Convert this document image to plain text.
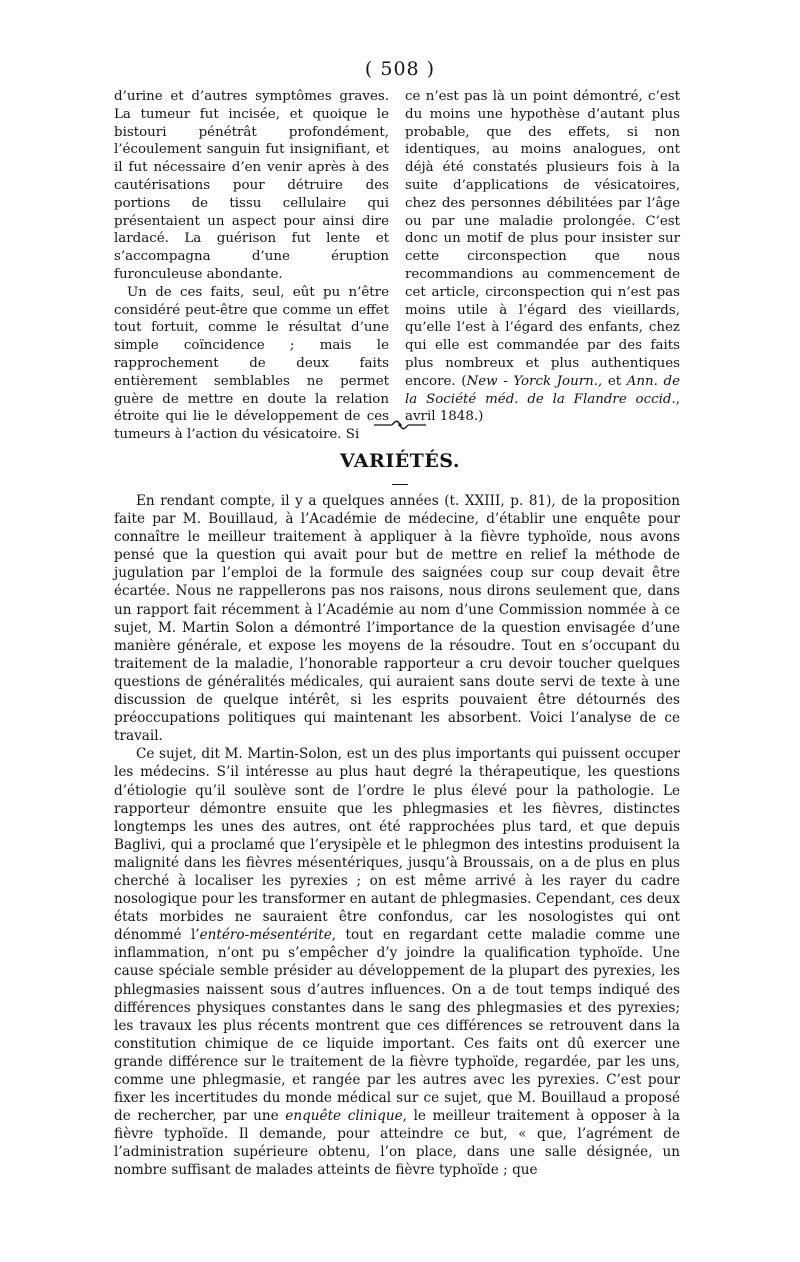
( 508 )

d’urine et d’autres symptômes graves. La tumeur fut incisée, et quoique le bistouri pénétrât profondément, l’écoulement sanguin fut insignifiant, et il fut nécessaire d’en venir après à des cautérisations pour détruire des portions de tissu cellulaire qui présentaient un aspect pour ainsi dire lardacé. La guérison fut lente et s’accompagna d’une éruption furonculeuse abondante.

Un de ces faits, seul, eût pu n’être considéré peut-être que comme un effet tout fortuit, comme le résultat d’une simple coïncidence ; mais le rapprochement de deux faits entièrement semblables ne permet guère de mettre en doute la relation étroite qui lie le développement de ces tumeurs à l’action du vésicatoire. Si

ce n’est pas là un point démontré, c’est du moins une hypothèse d’autant plus probable, que des effets, si non identiques, au moins analogues, ont déjà été constatés plusieurs fois à la suite d’applications de vésicatoires, chez des personnes débilitées par l’âge ou par une maladie prolongée. C’est donc un motif de plus pour insister sur cette circonspection que nous recommandions au commencement de cet article, circonspection qui n’est pas moins utile à l’égard des vieillards, qu’elle l’est à l’égard des enfants, chez qui elle est commandée par des faits plus nombreux et plus authentiques encore. (New - Yorck Journ., et Ann. de la Société méd. de la Flandre occid., avril 1848.)

VARIÉTÉS.

En rendant compte, il y a quelques années (t. XXIII, p. 81), de la proposition faite par M. Bouillaud, à l’Académie de médecine, d’établir une enquête pour connaître le meilleur traitement à appliquer à la fièvre typhoïde, nous avons pensé que la question qui avait pour but de mettre en relief la méthode de jugulation par l’emploi de la formule des saignées coup sur coup devait être écartée. Nous ne rappellerons pas nos raisons, nous dirons seulement que, dans un rapport fait récemment à l’Académie au nom d’une Commission nommée à ce sujet, M. Martin Solon a démontré l’importance de la question envisagée d’une manière générale, et expose les moyens de la résoudre. Tout en s’occupant du traitement de la maladie, l’honorable rapporteur a cru devoir toucher quelques questions de généralités médicales, qui auraient sans doute servi de texte à une discussion de quelque intérêt, si les esprits pouvaient être détournés des préoccupations politiques qui maintenant les absorbent. Voici l’analyse de ce travail.

Ce sujet, dit M. Martin-Solon, est un des plus importants qui puissent occuper les médecins. S’il intéresse au plus haut degré la thérapeutique, les questions d’étiologie qu’il soulève sont de l’ordre le plus élevé pour la pathologie. Le rapporteur démontre ensuite que les phlegmasies et les fièvres, distinctes longtemps les unes des autres, ont été rapprochées plus tard, et que depuis Baglivi, qui a proclamé que l’erysipèle et le phlegmon des intestins produisent la malignité dans les fièvres mésentériques, jusqu’à Broussais, on a de plus en plus cherché à localiser les pyrexies ; on est même arrivé à les rayer du cadre nosologique pour les transformer en autant de phlegmasies. Cependant, ces deux états morbides ne sauraient être confondus, car les nosologistes qui ont dénommé l’entéro-mésentérite, tout en regardant cette maladie comme une inflammation, n’ont pu s’empêcher d’y joindre la qualification typhoïde. Une cause spéciale semble présider au développement de la plupart des pyrexies, les phlegmasies naissent sous d’autres influences. On a de tout temps indiqué des différences physiques constantes dans le sang des phlegmasies et des pyrexies; les travaux les plus récents montrent que ces différences se retrouvent dans la constitution chimique de ce liquide important. Ces faits ont dû exercer une grande différence sur le traitement de la fièvre typhoïde, regardée, par les uns, comme une phlegmasie, et rangée par les autres avec les pyrexies. C’est pour fixer les incertitudes du monde médical sur ce sujet, que M. Bouillaud a proposé de rechercher, par une enquête clinique, le meilleur traitement à opposer à la fièvre typhoïde. Il demande, pour atteindre ce but, « que, l’agrément de l’administration supérieure obtenu, l’on place, dans une salle désignée, un nombre suffisant de malades atteints de fièvre typhoïde ; que
